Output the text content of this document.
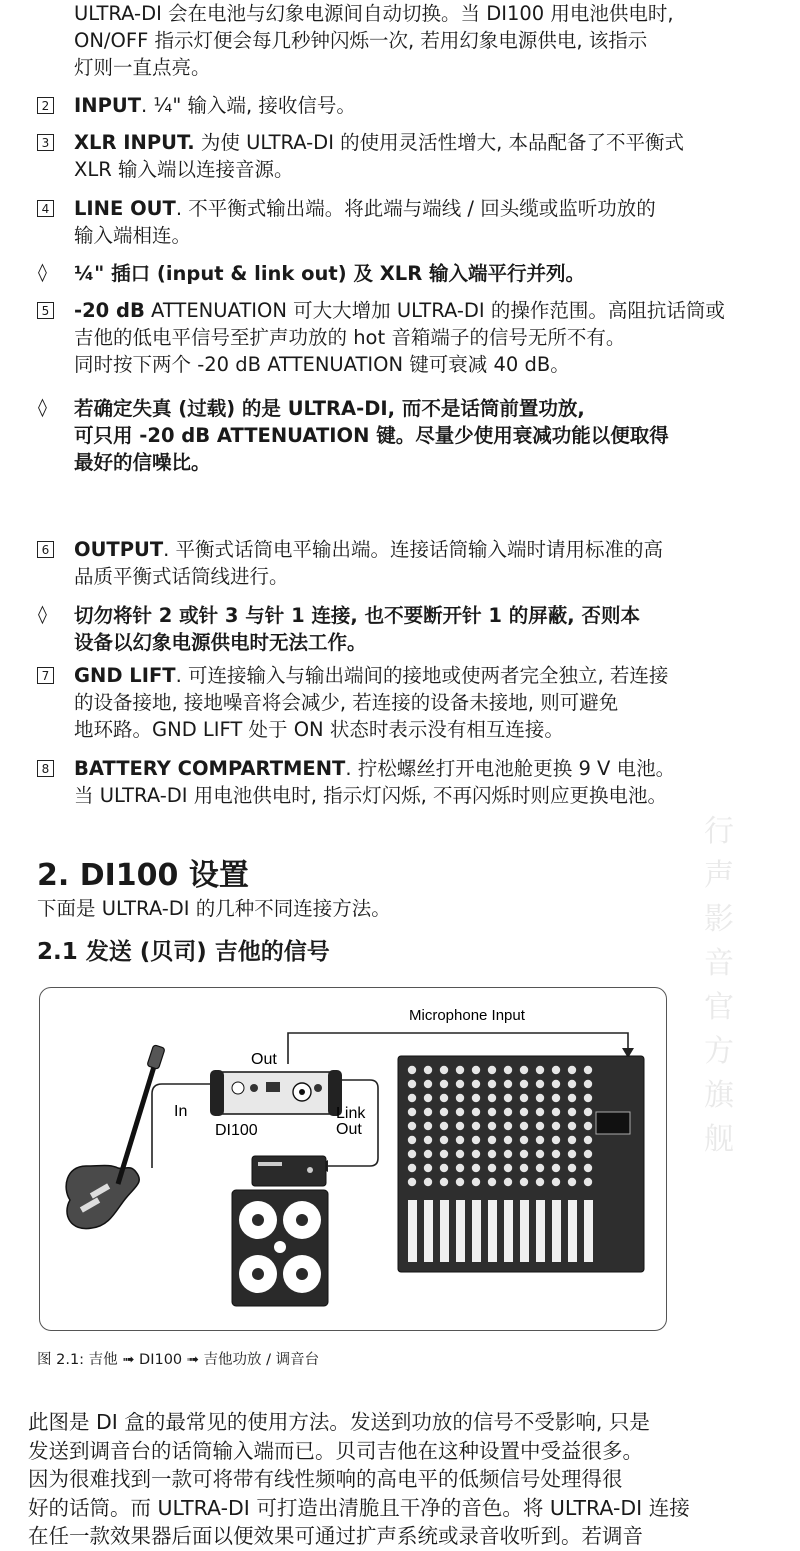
ULTRA-DI 会在电池与幻象电源间自动切换。当 DI100 用电池供电时,
ON/OFF 指示灯便会每几秒钟闪烁一次, 若用幻象电源供电, 该指示
灯则一直点亮。
2 INPUT. ¼" 输入端, 接收信号。
3 XLR INPUT. 为使 ULTRA-DI 的使用灵活性增大, 本品配备了不平衡式
XLR 输入端以连接音源。
4 LINE OUT. 不平衡式输出端。将此端与端线 / 回头缆或监听功放的
输入端相连。
◊ ¼" 插口 (input & link out) 及 XLR 输入端平行并列。
5 -20 dB ATTENUATION 可大大增加 ULTRA-DI 的操作范围。高阻抗话筒或
吉他的低电平信号至扩声功放的 hot 音箱端子的信号无所不有。
同时按下两个 -20 dB ATTENUATION 键可衰减 40 dB。
◊ 若确定失真 (过载) 的是 ULTRA-DI, 而不是话筒前置功放,
可只用 -20 dB ATTENUATION 键。尽量少使用衰减功能以便取得
最好的信噪比。
6 OUTPUT. 平衡式话筒电平输出端。连接话筒输入端时请用标准的高
品质平衡式话筒线进行。
◊ 切勿将针 2 或针 3 与针 1 连接, 也不要断开针 1 的屏蔽, 否则本
设备以幻象电源供电时无法工作。
7 GND LIFT. 可连接输入与输出端间的接地或使两者完全独立, 若连接
的设备接地, 接地噪音将会减少, 若连接的设备未接地, 则可避免
地环路。GND LIFT 处于 ON 状态时表示没有相互连接。
8 BATTERY COMPARTMENT. 拧松螺丝打开电池舱更换 9 V 电池。
当 ULTRA-DI 用电池供电时, 指示灯闪烁, 不再闪烁时则应更换电池。
2. DI100 设置
下面是 ULTRA-DI 的几种不同连接方法。
2.1 发送 (贝司) 吉他的信号
Microphone Input
Out
In
DI100
Link
Out
图 2.1: 吉他 ➟ DI100 ➟ 吉他功放 / 调音台
此图是 DI 盒的最常见的使用方法。发送到功放的信号不受影响, 只是
发送到调音台的话筒输入端而已。贝司吉他在这种设置中受益很多。
因为很难找到一款可将带有线性频响的高电平的低频信号处理得很
好的话筒。而 ULTRA-DI 可打造出清脆且干净的音色。将 ULTRA-DI 连接
在任一款效果器后面以便效果可通过扩声系统或录音收听到。若调音
行
声
影
音
官
方
旗
舰
